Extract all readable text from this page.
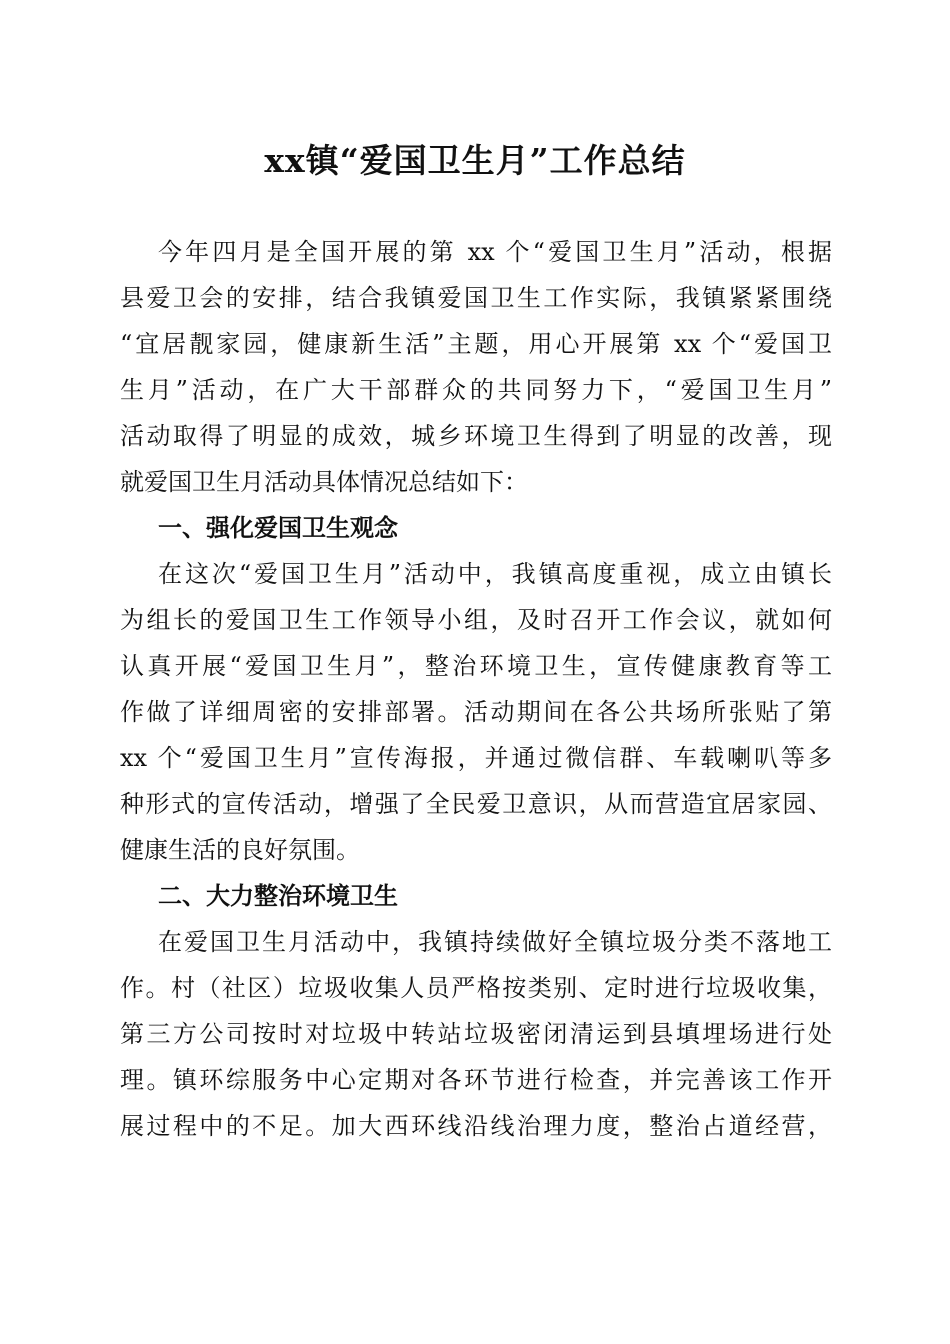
xx镇“爱国卫生月”工作总结
今年四月是全国开展的第 xx 个“爱国卫生月”活动，根据
县爱卫会的安排，结合我镇爱国卫生工作实际，我镇紧紧围绕
“宜居靓家园，健康新生活”主题，用心开展第 xx 个“爱国卫
生月”活动，在广大干部群众的共同努力下，“爱国卫生月”
活动取得了明显的成效，城乡环境卫生得到了明显的改善，现
就爱国卫生月活动具体情况总结如下：
一、强化爱国卫生观念
在这次“爱国卫生月”活动中，我镇高度重视，成立由镇长
为组长的爱国卫生工作领导小组，及时召开工作会议，就如何
认真开展“爱国卫生月”，整治环境卫生，宣传健康教育等工
作做了详细周密的安排部署。活动期间在各公共场所张贴了第
xx 个“爱国卫生月”宣传海报，并通过微信群、车载喇叭等多
种形式的宣传活动，增强了全民爱卫意识，从而营造宜居家园、
健康生活的良好氛围。
二、大力整治环境卫生
在爱国卫生月活动中，我镇持续做好全镇垃圾分类不落地工
作。村（社区）垃圾收集人员严格按类别、定时进行垃圾收集，
第三方公司按时对垃圾中转站垃圾密闭清运到县填埋场进行处
理。镇环综服务中心定期对各环节进行检查，并完善该工作开
展过程中的不足。加大西环线沿线治理力度，整治占道经营，
